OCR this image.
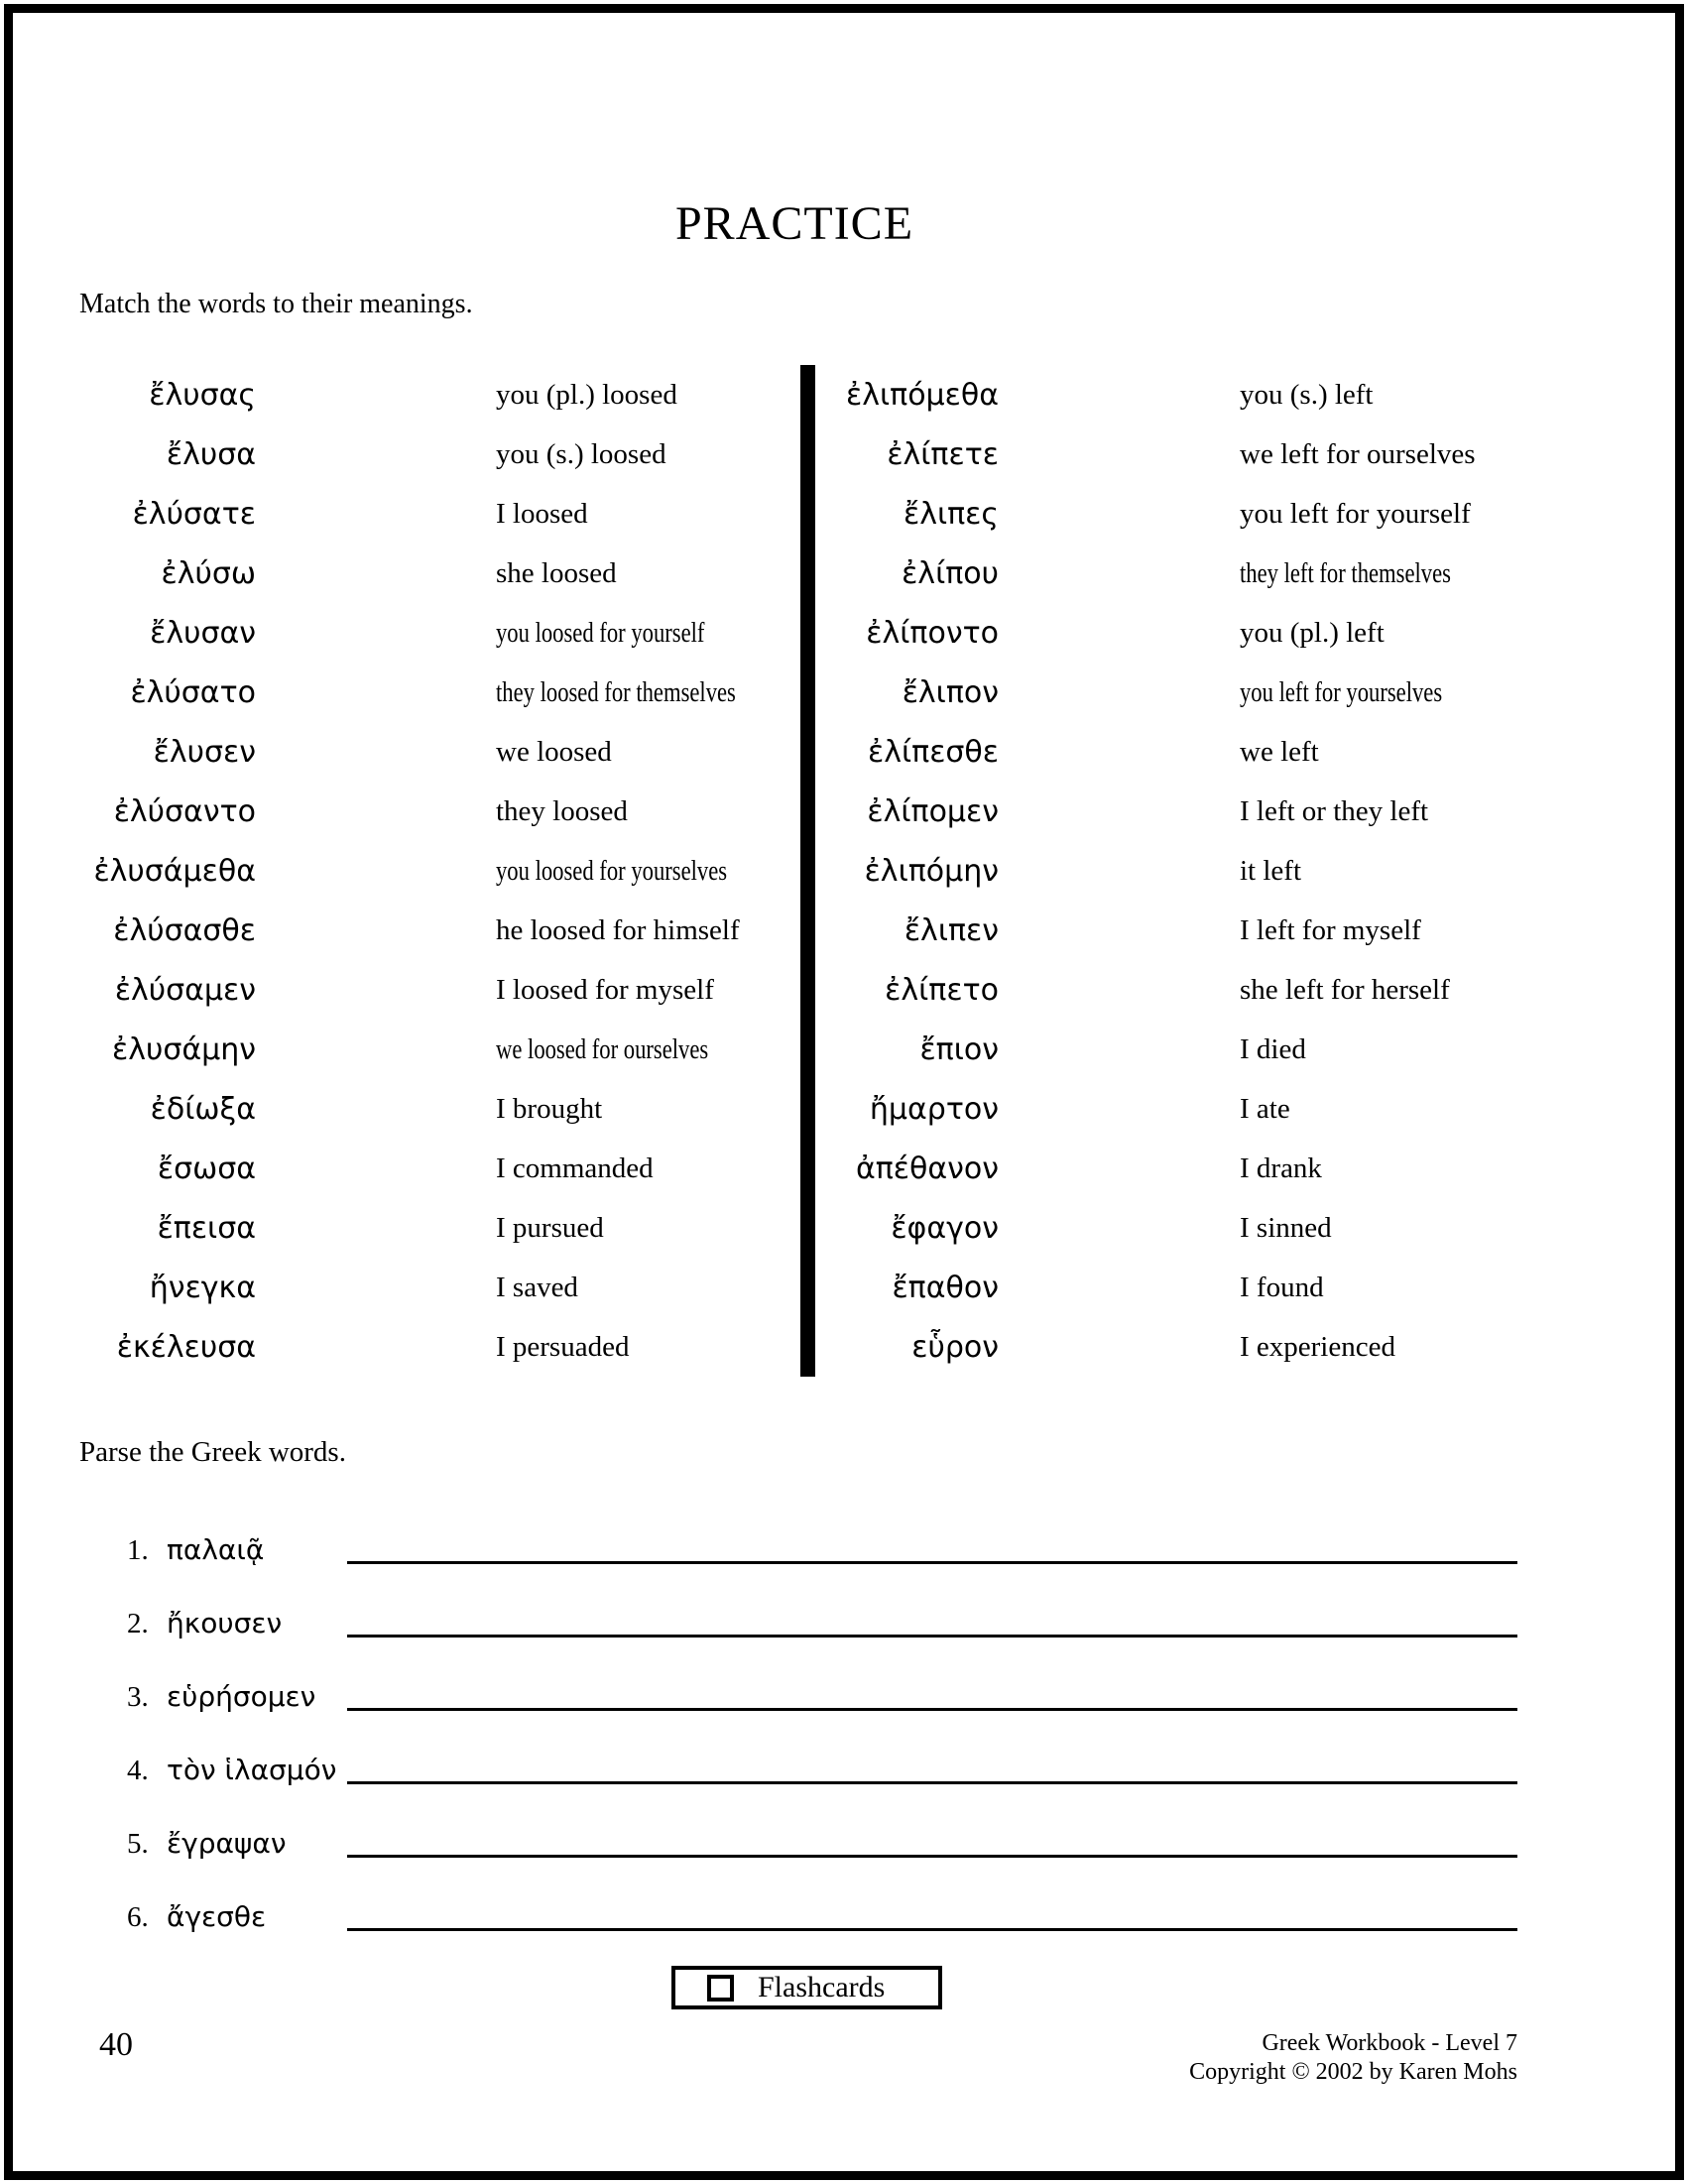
PRACTICE

Match the words to their meanings.

ἔλυσας	you (pl.) loosed	ἐλιπόμεθα	you (s.) left
ἔλυσα	you (s.) loosed	ἐλίπετε	we left for ourselves
ἐλύσατε	I loosed	ἔλιπες	you left for yourself
ἐλύσω	she loosed	ἐλίπου	they left for themselves
ἔλυσαν	you loosed for yourself	ἐλίποντο	you (pl.) left
ἐλύσατο	they loosed for themselves	ἔλιπον	you left for yourselves
ἔλυσεν	we loosed	ἐλίπεσθε	we left
ἐλύσαντο	they loosed	ἐλίπομεν	I left or they left
ἐλυσάμεθα	you loosed for yourselves	ἐλιπόμην	it left
ἐλύσασθε	he loosed for himself	ἔλιπεν	I left for myself
ἐλύσαμεν	I loosed for myself	ἐλίπετο	she left for herself
ἐλυσάμην	we loosed for ourselves	ἔπιον	I died
ἐδίωξα	I brought	ἤμαρτον	I ate
ἔσωσα	I commanded	ἀπέθανον	I drank
ἔπεισα	I pursued	ἔφαγον	I sinned
ἤνεγκα	I saved	ἔπαθον	I found
ἐκέλευσα	I persuaded	εὗρον	I experienced

Parse the Greek words.

1. παλαιᾷ
2. ἤκουσεν
3. εὑρήσομεν
4. τὸν ἱλασμόν
5. ἔγραψαν
6. ἄγεσθε
Flashcards
40	Greek Workbook - Level 7
Copyright © 2002 by Karen Mohs
